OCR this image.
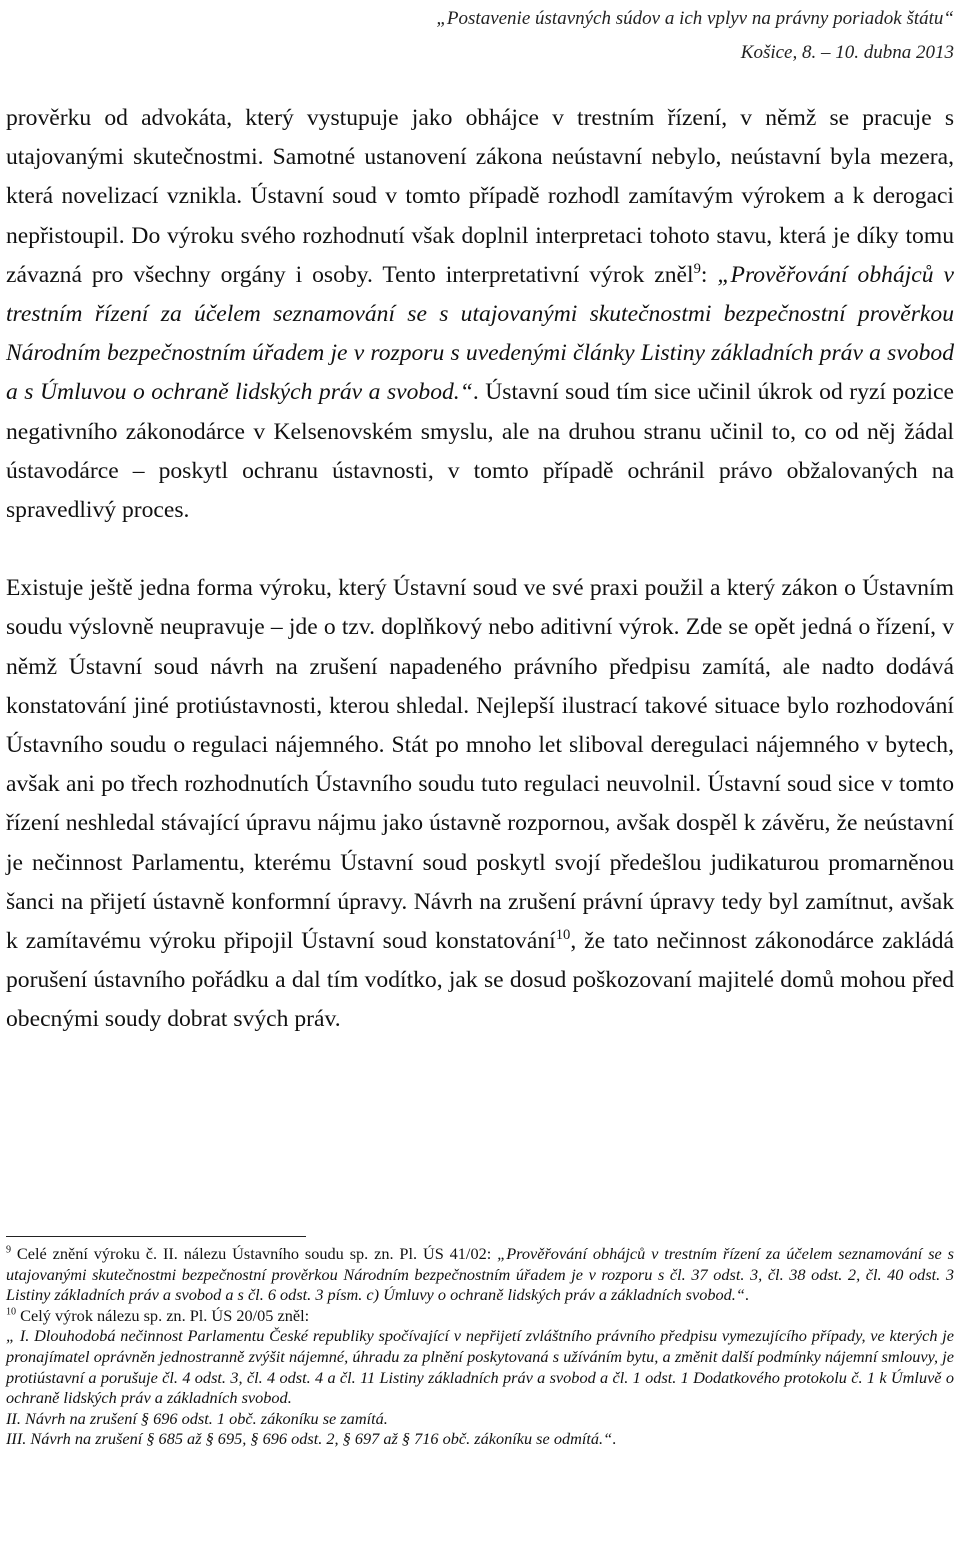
„Postavenie ústavných súdov a ich vplyv na právny poriadok štátu“
Košice, 8. – 10. dubna 2013

prověrku od advokáta, který vystupuje jako obhájce v trestním řízení, v němž se pracuje s utajovanými skutečnostmi. Samotné ustanovení zákona neústavní nebylo, neústavní byla mezera, která novelizací vznikla. Ústavní soud v tomto případě rozhodl zamítavým výrokem a k derogaci nepřistoupil. Do výroku svého rozhodnutí však doplnil interpretaci tohoto stavu, která je díky tomu závazná pro všechny orgány i osoby. Tento interpretativní výrok zněl$^9$: „Prověřování obhájců v trestním řízení za účelem seznamování se s utajovanými skutečnostmi bezpečnostní prověrkou Národním bezpečnostním úřadem je v rozporu s uvedenými články Listiny základních práv a svobod a s Úmluvou o ochraně lidských práv a svobod.“. Ústavní soud tím sice učinil úkrok od ryzí pozice negativního zákonodárce v Kelsenovském smyslu, ale na druhou stranu učinil to, co od něj žádal ústavodárce – poskytl ochranu ústavnosti, v tomto případě ochránil právo obžalovaných na spravedlivý proces.

Existuje ještě jedna forma výroku, který Ústavní soud ve své praxi použil a který zákon o Ústavním soudu výslovně neupravuje – jde o tzv. doplňkový nebo aditivní výrok. Zde se opět jedná o řízení, v němž Ústavní soud návrh na zrušení napadeného právního předpisu zamítá, ale nadto dodává konstatování jiné protiústavnosti, kterou shledal. Nejlepší ilustrací takové situace bylo rozhodování Ústavního soudu o regulaci nájemného. Stát po mnoho let sliboval deregulaci nájemného v bytech, avšak ani po třech rozhodnutích Ústavního soudu tuto regulaci neuvolnil. Ústavní soud sice v tomto řízení neshledal stávající úpravu nájmu jako ústavně rozpornou, avšak dospěl k závěru, že neústavní je nečinnost Parlamentu, kterému Ústavní soud poskytl svojí předešlou judikaturou promarněnou šanci na přijetí ústavně konformní úpravy. Návrh na zrušení právní úpravy tedy byl zamítnut, avšak k zamítavému výroku připojil Ústavní soud konstatování$^{10}$, že tato nečinnost zákonodárce zakládá porušení ústavního pořádku a dal tím vodítko, jak se dosud poškozovaní majitelé domů mohou před obecnými soudy dobrat svých práv.

$^9$ Celé znění výroku č. II. nálezu Ústavního soudu sp. zn. Pl. ÚS 41/02: „Prověřování obhájců v trestním řízení za účelem seznamování se s utajovanými skutečnostmi bezpečnostní prověrkou Národním bezpečnostním úřadem je v rozporu s čl. 37 odst. 3, čl. 38 odst. 2, čl. 40 odst. 3 Listiny základních práv a svobod a s čl. 6 odst. 3 písm. c) Úmluvy o ochraně lidských práv a základních svobod.“.

$^{10}$ Celý výrok nálezu sp. zn. Pl. ÚS 20/05 zněl:

„ I. Dlouhodobá nečinnost Parlamentu České republiky spočívající v nepřijetí zvláštního právního předpisu vymezujícího případy, ve kterých je pronajímatel oprávněn jednostranně zvýšit nájemné, úhradu za plnění poskytovaná s užíváním bytu, a změnit další podmínky nájemní smlouvy, je protiústavní a porušuje čl. 4 odst. 3, čl. 4 odst. 4 a čl. 11 Listiny základních práv a svobod a čl. 1 odst. 1 Dodatkového protokolu č. 1 k Úmluvě o ochraně lidských práv a základních svobod.

II. Návrh na zrušení § 696 odst. 1 obč. zákoníku se zamítá.

III. Návrh na zrušení § 685 až § 695, § 696 odst. 2, § 697 až § 716 obč. zákoníku se odmítá.“.
